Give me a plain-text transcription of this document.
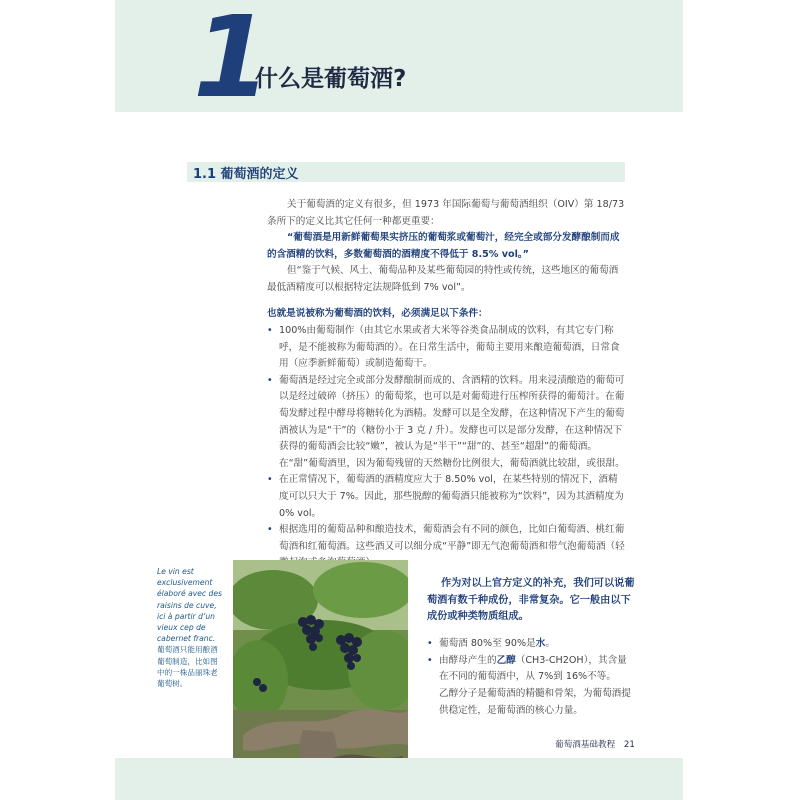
1
什么是葡萄酒?
1.1 葡萄酒的定义
关于葡萄酒的定义有很多，但 1973 年国际葡萄与葡萄酒组织（OIV）第 18/73 条所下的定义比其它任何一种都更重要：
“葡萄酒是用新鲜葡萄果实挤压的葡萄浆或葡萄汁，经完全或部分发酵酿制而成的含酒精的饮料，多数葡萄酒的酒精度不得低于 8.5% vol。”
但“鉴于气候、风土、葡萄品种及某些葡萄园的特性或传统，这些地区的葡萄酒最低酒精度可以根据特定法规降低到 7% vol”。
也就是说被称为葡萄酒的饮料，必须满足以下条件：
• 100%由葡萄制作（由其它水果或者大米等谷类食品制成的饮料，有其它专门称呼，是不能被称为葡萄酒的）。在日常生活中，葡萄主要用来酿造葡萄酒，日常食用（应季新鲜葡萄）或制造葡萄干。
• 葡萄酒是经过完全或部分发酵酿制而成的、含酒精的饮料。用来浸渍酿造的葡萄可以是经过破碎（挤压）的葡萄浆，也可以是对葡萄进行压榨所获得的葡萄汁。在葡萄发酵过程中酵母将糖转化为酒精。发酵可以是全发酵，在这种情况下产生的葡萄酒被认为是“干”的（糖份小于 3 克 / 升）。发酵也可以是部分发酵，在这种情况下获得的葡萄酒会比较“嫩”，被认为是“半干”“甜”的、甚至“超甜”的葡萄酒。在“甜”葡萄酒里，因为葡萄残留的天然糖份比例很大，葡萄酒就比较甜，或很甜。
• 在正常情况下，葡萄酒的酒精度应大于 8.50% vol，在某些特别的情况下，酒精度可以只大于 7%。因此，那些脱醇的葡萄酒只能被称为“饮料”，因为其酒精度为 0% vol。
• 根据选用的葡萄品种和酿造技术，葡萄酒会有不同的颜色，比如白葡萄酒、桃红葡萄酒和红葡萄酒。这些酒又可以细分成“平静”即无气泡葡萄酒和带气泡葡萄酒（轻
Le vin est exclusivement élaboré avec des raisins de cuve, ici à partir d’un vieux cep de cabernet franc.
葡萄酒只能用酿酒葡萄制造，比如图中的一株品丽珠老葡萄树。
作为对以上官方定义的补充，我们可以说葡萄酒有数千种成份，非常复杂。它一般由以下成份或种类物质组成。
• 葡萄酒 80%至 90%是水。
• 由酵母产生的乙醇（CH3-CH2OH），其含量在不同的葡萄酒中，从 7%到 16%不等。
乙醇分子是葡萄酒的精髓和骨架，为葡萄酒提供稳定性，是葡萄酒的核心力量。
葡萄酒基础教程 21
